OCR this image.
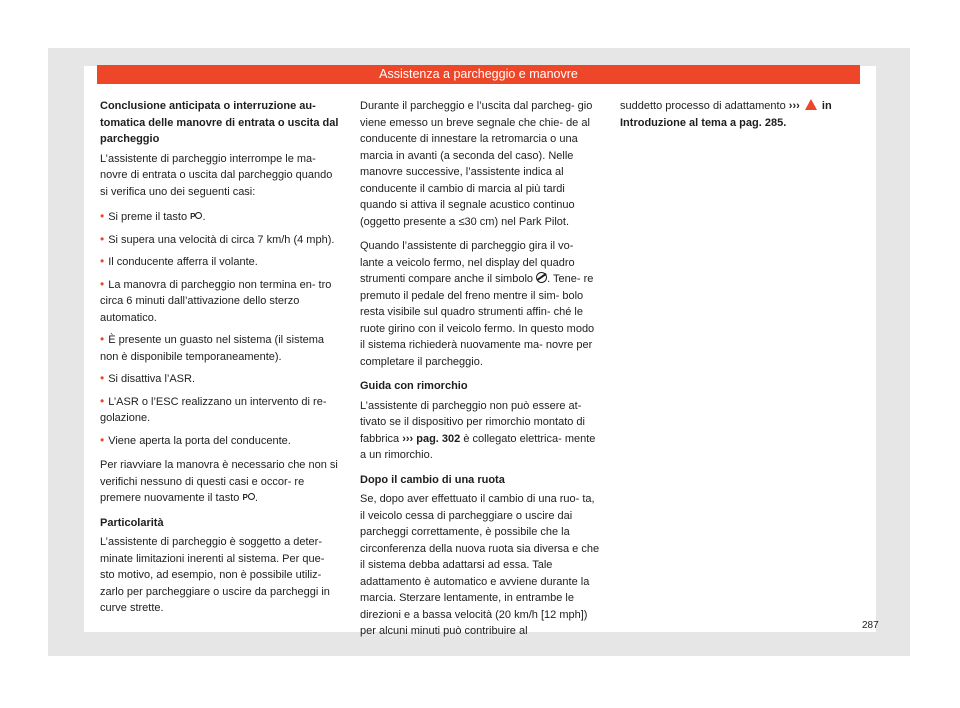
Assistenza a parcheggio e manovre

Conclusione anticipata o interruzione au- tomatica delle manovre di entrata o uscita dal parcheggio

L’assistente di parcheggio interrompe le ma- novre di entrata o uscita dal parcheggio quando si verifica uno dei seguenti casi:

• Si preme il tasto P .
• Si supera una velocità di circa 7 km/h (4 mph).
• Il conducente afferra il volante.
• La manovra di parcheggio non termina en- tro circa 6 minuti dall’attivazione dello sterzo automatico.
• È presente un guasto nel sistema (il sistema non è disponibile temporaneamente).
• Si disattiva l’ASR.
• L’ASR o l’ESC realizzano un intervento di re- golazione.
• Viene aperta la porta del conducente.

Per riavviare la manovra è necessario che non si verifichi nessuno di questi casi e occor- re premere nuovamente il tasto P .

Particolarità

L’assistente di parcheggio è soggetto a deter- minate limitazioni inerenti al sistema. Per que- sto motivo, ad esempio, non è possibile utiliz- zarlo per parcheggiare o uscire da parcheggi in curve strette.

Durante il parcheggio e l’uscita dal parcheg- gio viene emesso un breve segnale che chie- de al conducente di innestare la retromarcia o una marcia in avanti (a seconda del caso). Nelle manovre successive, l’assistente indica al conducente il cambio di marcia al più tardi quando si attiva il segnale acustico continuo (oggetto presente a ≤30 cm) nel Park Pilot.

Quando l’assistente di parcheggio gira il vo- lante a veicolo fermo, nel display del quadro strumenti compare anche il simbolo . Tene- re premuto il pedale del freno mentre il sim- bolo resta visibile sul quadro strumenti affin- ché le ruote girino con il veicolo fermo. In questo modo il sistema richiederà nuovamente ma- novre per completare il parcheggio.

Guida con rimorchio

L’assistente di parcheggio non può essere at- tivato se il dispositivo per rimorchio montato di fabbrica ››› pag. 302 è collegato elettrica- mente a un rimorchio.

Dopo il cambio di una ruota

Se, dopo aver effettuato il cambio di una ruo- ta, il veicolo cessa di parcheggiare o uscire dai parcheggi correttamente, è possibile che la circonferenza della nuova ruota sia diversa e che il sistema debba adattarsi ad essa. Tale adattamento è automatico e avviene durante la marcia. Sterzare lentamente, in entrambe le direzioni e a bassa velocità (20 km/h [12 mph]) per alcuni minuti può contribuire al

suddetto processo di adattamento ››› in Introduzione al tema a pag. 285.

287
